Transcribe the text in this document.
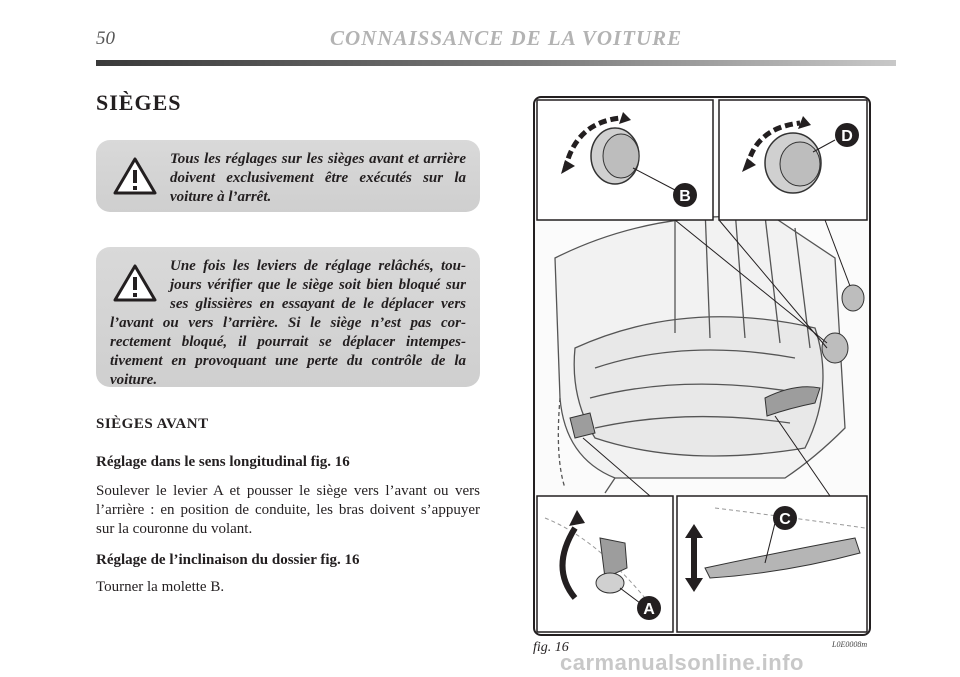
50	CONNAISSANCE DE LA VOITURE
SIÈGES
Tous les réglages sur les sièges avant et arrière doivent exclusivement être exécutés sur la voiture à l’arrêt.
Une fois les leviers de réglage relâchés, toujours vérifier que le siège soit bien bloqué sur ses glissières en essayant de le déplacer vers l’avant ou vers l’arrière. Si le siège n’est pas correctement bloqué, il pourrait se déplacer intempestivement en provoquant une perte du contrôle de la voiture.
SIÈGES AVANT
Réglage dans le sens longitudinal fig. 16

Soulever le levier A et pousser le siège vers l’avant ou vers l’arrière : en position de conduite, les bras doivent s’appuyer sur la couronne du volant.

Réglage de l’inclinaison du dossier fig. 16

Tourner la molette B.

B
D
A
C
fig. 16	L0E0008m
carmanualsonline.info
